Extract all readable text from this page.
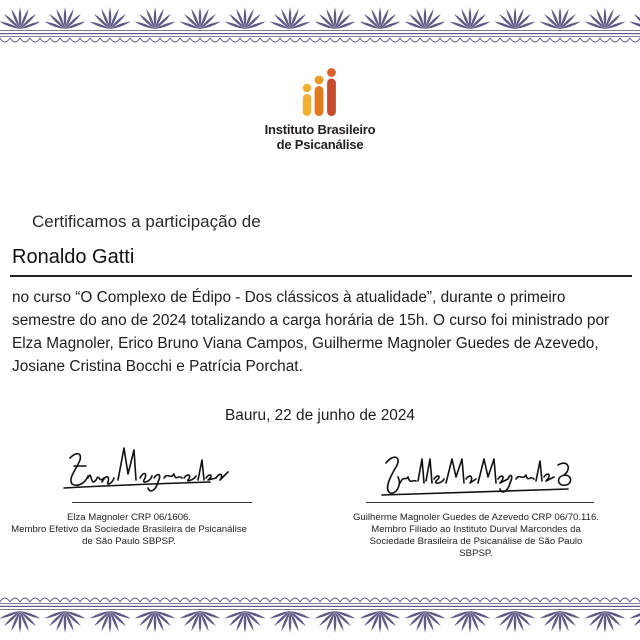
Instituto Brasileiro
de Psicanálise
Certificamos a participação de
Ronaldo Gatti
no curso “O Complexo de Édipo - Dos clássicos à atualidade”, durante o primeiro semestre do ano de 2024 totalizando a carga horária de 15h. O curso foi ministrado por Elza Magnoler, Erico Bruno Viana Campos, Guilherme Magnoler Guedes de Azevedo, Josiane Cristina Bocchi e Patrícia Porchat.
Bauru, 22 de junho de 2024
Elza Magnoler CRP 06/1606.
Membro Efetivo da Sociedade Brasileira de Psicanálise
de São Paulo SBPSP.
Guilherme Magnoler Guedes de Azevedo CRP 06/70.116.
Membro Filiado ao Instituto Durval Marcondes da
Sociedade Brasileira de Psicanálise de São Paulo SBPSP.
